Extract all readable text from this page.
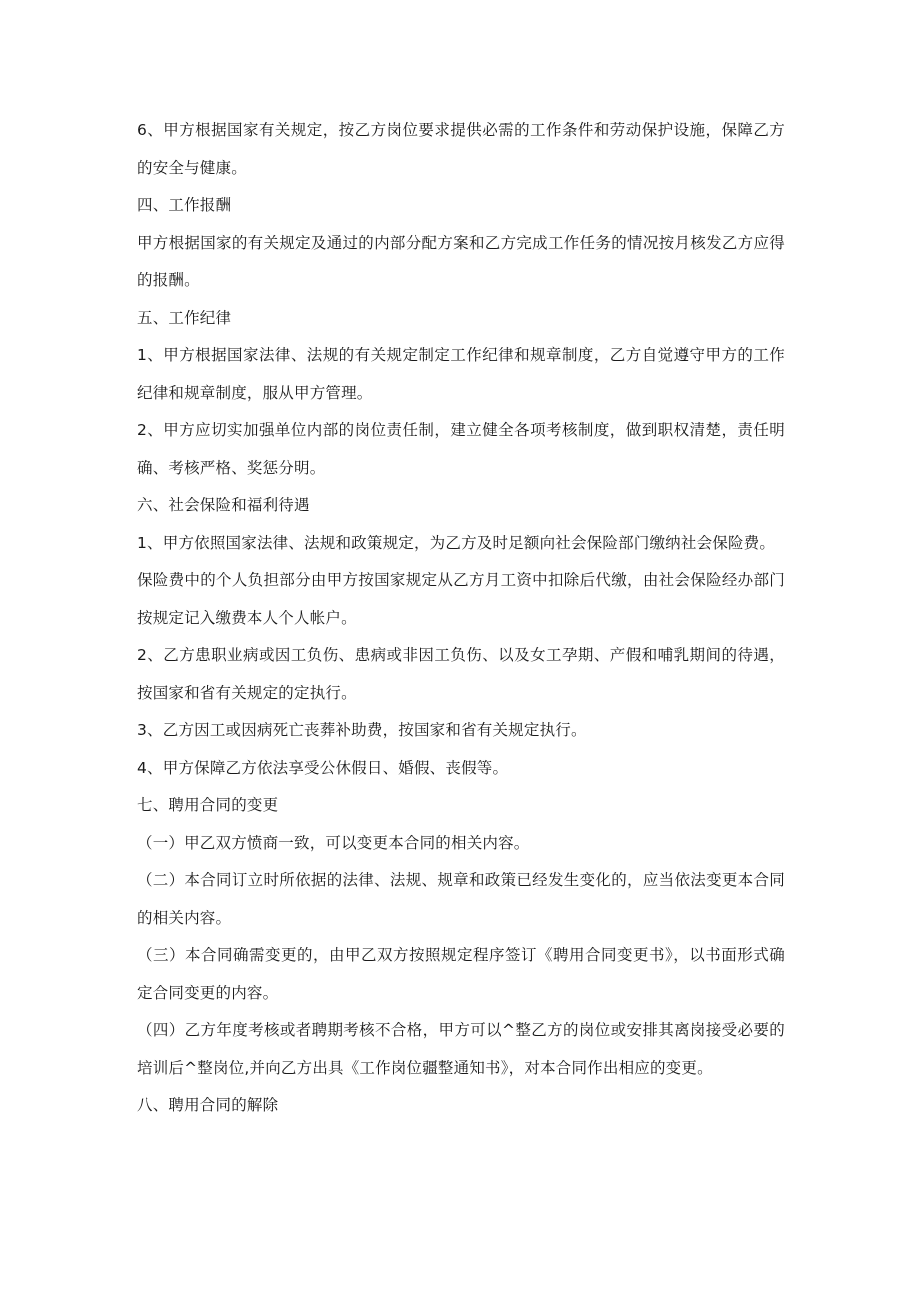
6、甲方根据国家有关规定，按乙方岗位要求提供必需的工作条件和劳动保护设施，保障乙方的安全与健康。

四、工作报酬

甲方根据国家的有关规定及通过的内部分配方案和乙方完成工作任务的情况按月核发乙方应得的报酬。

五、工作纪律

1、甲方根据国家法律、法规的有关规定制定工作纪律和规章制度，乙方自觉遵守甲方的工作纪律和规章制度，服从甲方管理。

2、甲方应切实加强单位内部的岗位责任制，建立健全各项考核制度，做到职权清楚，责任明确、考核严格、奖惩分明。

六、社会保险和福利待遇

1、甲方依照国家法律、法规和政策规定，为乙方及时足额向社会保险部门缴纳社会保险费。

保险费中的个人负担部分由甲方按国家规定从乙方月工资中扣除后代缴，由社会保险经办部门按规定记入缴费本人个人帐户。

2、乙方患职业病或因工负伤、患病或非因工负伤、以及女工孕期、产假和哺乳期间的待遇，按国家和省有关规定的定执行。

3、乙方因工或因病死亡丧葬补助费，按国家和省有关规定执行。

4、甲方保障乙方依法享受公休假日、婚假、丧假等。

七、聘用合同的变更

（一）甲乙双方愤商一致，可以变更本合同的相关内容。

（二）本合同订立时所依据的法律、法规、规章和政策已经发生变化的，应当依法变更本合同的相关内容。

（三）本合同确需变更的，由甲乙双方按照规定程序签订《聘用合同变更书》，以书面形式确定合同变更的内容。

（四）乙方年度考核或者聘期考核不合格，甲方可以^整乙方的岗位或安排其离岗接受必要的培训后^整岗位,并向乙方出具《工作岗位疆整通知书》，对本合同作出相应的变更。

八、聘用合同的解除
